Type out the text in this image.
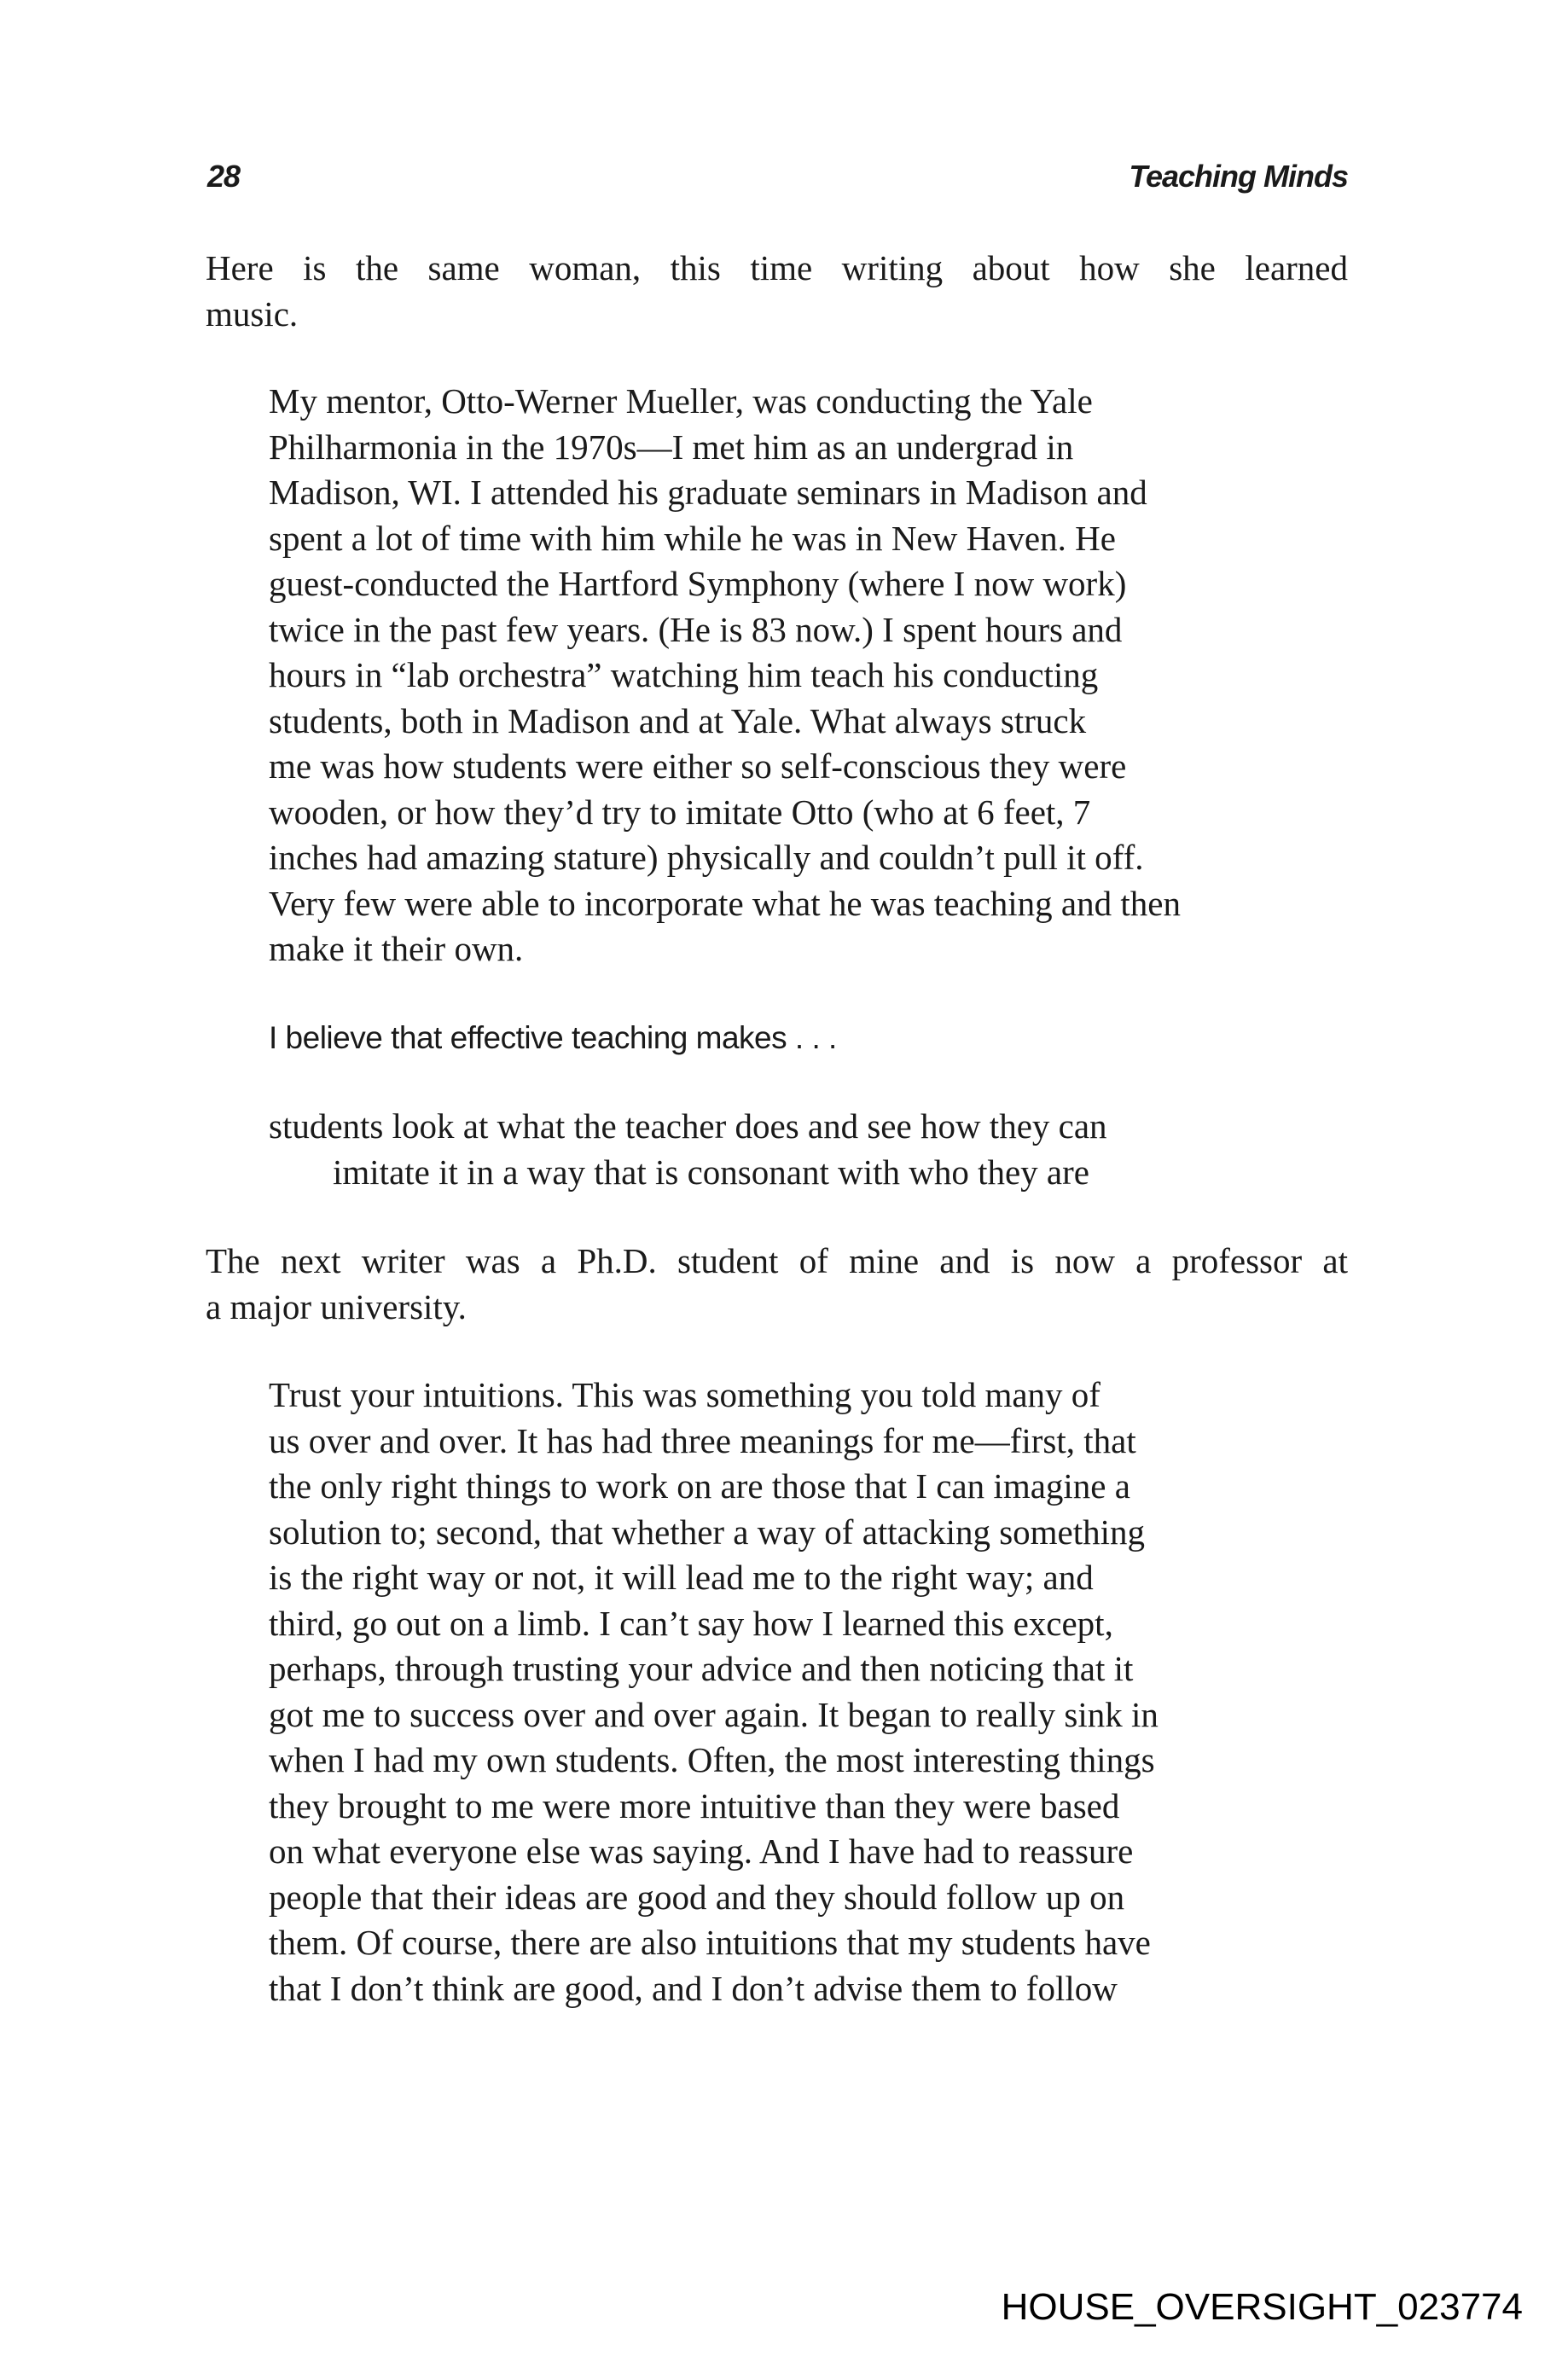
28	Teaching Minds
Here is the same woman, this time writing about how she learned
music.
My mentor, Otto-Werner Mueller, was conducting the Yale
Philharmonia in the 1970s—I met him as an undergrad in
Madison, WI. I attended his graduate seminars in Madison and
spent a lot of time with him while he was in New Haven. He
guest-conducted the Hartford Symphony (where I now work)
twice in the past few years. (He is 83 now.) I spent hours and
hours in “lab orchestra” watching him teach his conducting
students, both in Madison and at Yale. What always struck
me was how students were either so self-conscious they were
wooden, or how they’d try to imitate Otto (who at 6 feet, 7
inches had amazing stature) physically and couldn’t pull it off.
Very few were able to incorporate what he was teaching and then
make it their own.
I believe that effective teaching makes . . .
students look at what the teacher does and see how they can
imitate it in a way that is consonant with who they are
The next writer was a Ph.D. student of mine and is now a professor at
a major university.
Trust your intuitions. This was something you told many of
us over and over. It has had three meanings for me—first, that
the only right things to work on are those that I can imagine a
solution to; second, that whether a way of attacking something
is the right way or not, it will lead me to the right way; and
third, go out on a limb. I can’t say how I learned this except,
perhaps, through trusting your advice and then noticing that it
got me to success over and over again. It began to really sink in
when I had my own students. Often, the most interesting things
they brought to me were more intuitive than they were based
on what everyone else was saying. And I have had to reassure
people that their ideas are good and they should follow up on
them. Of course, there are also intuitions that my students have
that I don’t think are good, and I don’t advise them to follow
HOUSE_OVERSIGHT_023774
